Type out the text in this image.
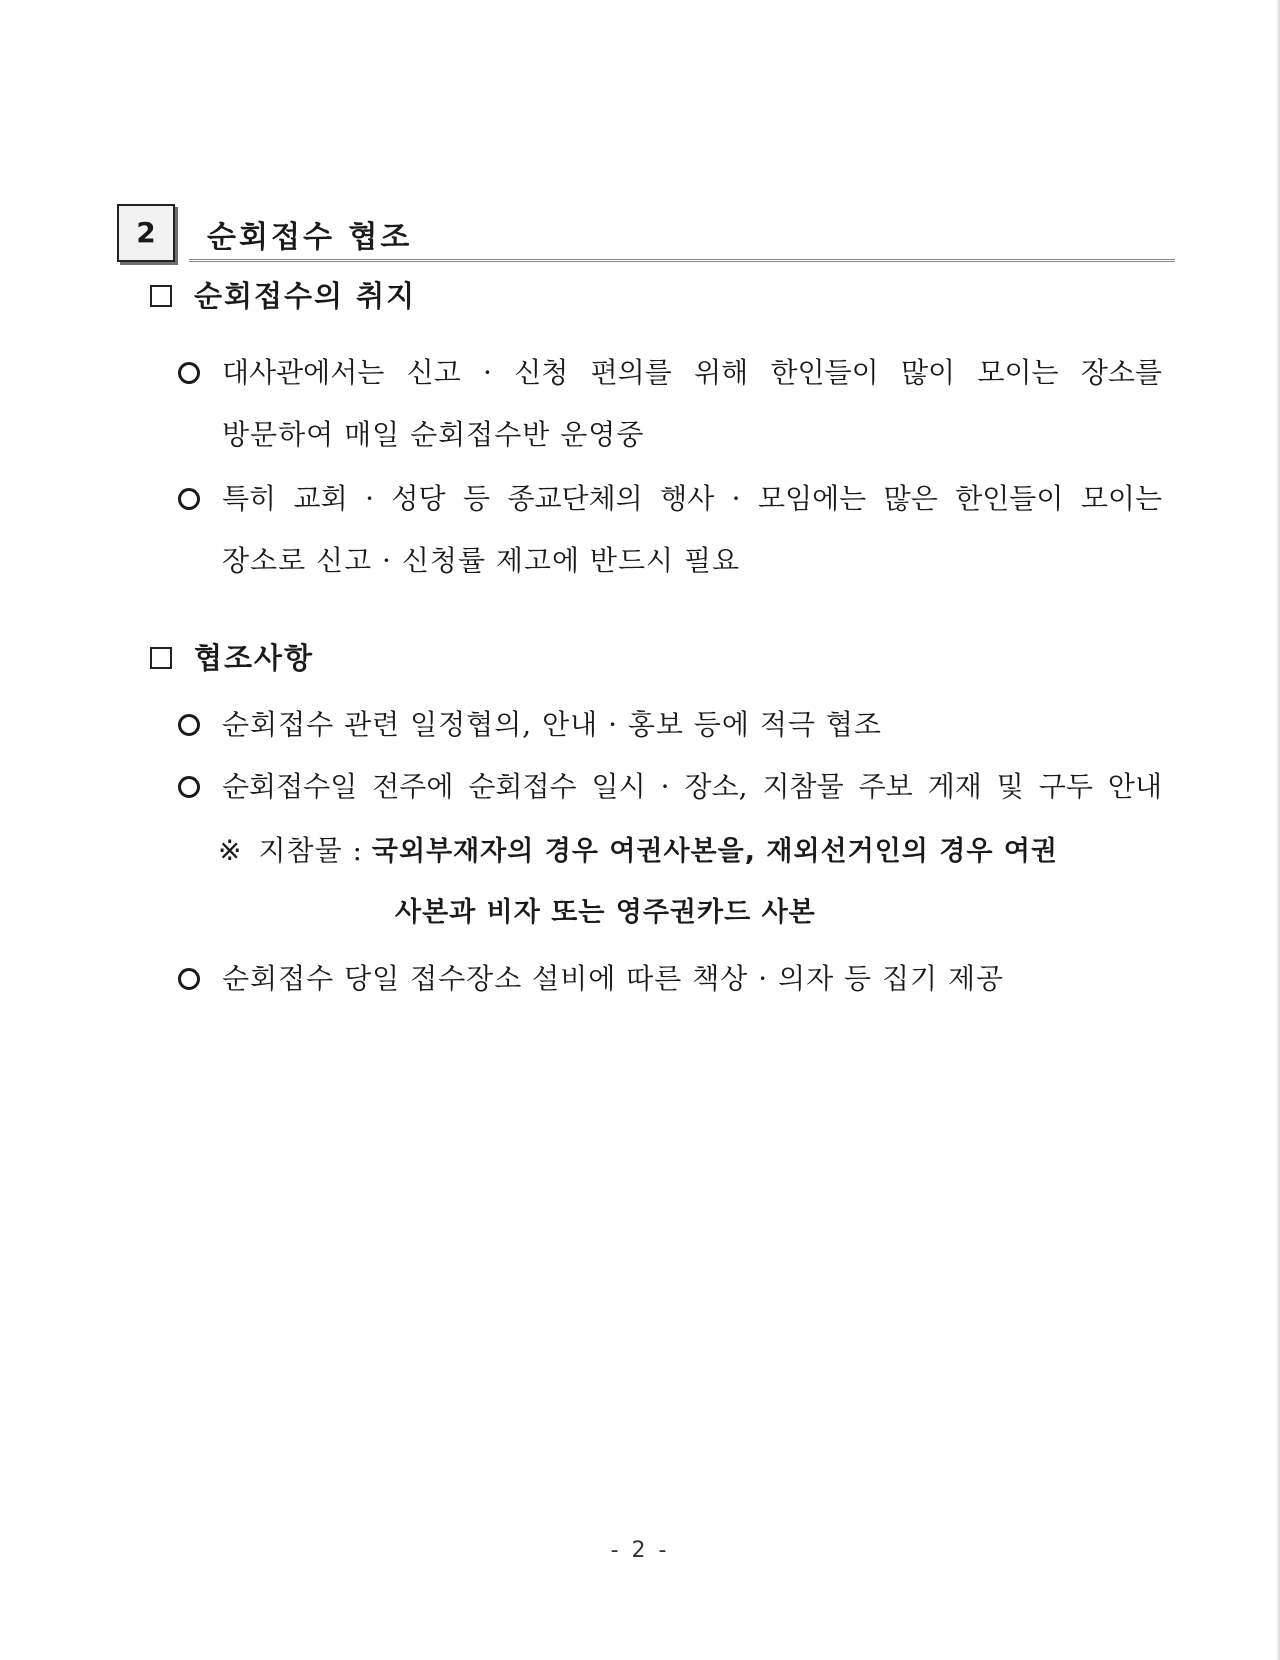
2	순회접수 협조
순회접수의 취지
대사관에서는 신고 · 신청 편의를 위해 한인들이 많이 모이는 장소를
방문하여 매일 순회접수반 운영중
특히 교회 · 성당 등 종교단체의 행사 · 모임에는 많은 한인들이 모이는
장소로 신고 · 신청률 제고에 반드시 필요
협조사항
순회접수 관련 일정협의, 안내 · 홍보 등에 적극 협조
순회접수일 전주에 순회접수 일시 · 장소, 지참물 주보 게재 및 구두 안내
※ 지참물 : 국외부재자의 경우 여권사본을, 재외선거인의 경우 여권
사본과 비자 또는 영주권카드 사본
순회접수 당일 접수장소 설비에 따른 책상 · 의자 등 집기 제공
- 2 -
